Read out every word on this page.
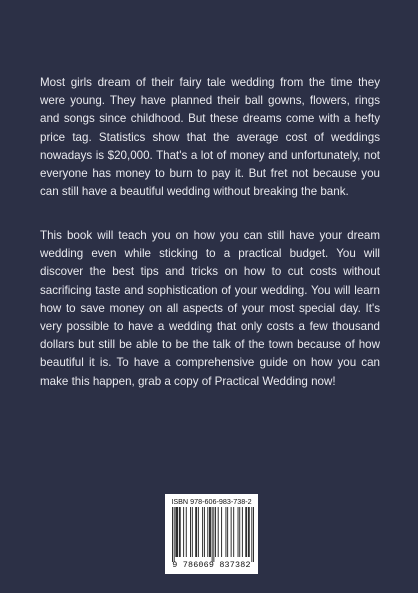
Most girls dream of their fairy tale wedding from the time they were young. They have planned their ball gowns, flowers, rings and songs since childhood. But these dreams come with a hefty price tag. Statistics show that the average cost of weddings nowadays is $20,000. That's a lot of money and unfortunately, not everyone has money to burn to pay it. But fret not because you can still have a beautiful wedding without breaking the bank.

This book will teach you on how you can still have your dream wedding even while sticking to a practical budget. You will discover the best tips and tricks on how to cut costs without sacrificing taste and sophistication of your wedding. You will learn how to save money on all aspects of your most special day. It's very possible to have a wedding that only costs a few thousand dollars but still be able to be the talk of the town because of how beautiful it is. To have a comprehensive guide on how you can make this happen, grab a copy of Practical Wedding now!

ISBN 978-606-983-738-2
9 786069 837382
